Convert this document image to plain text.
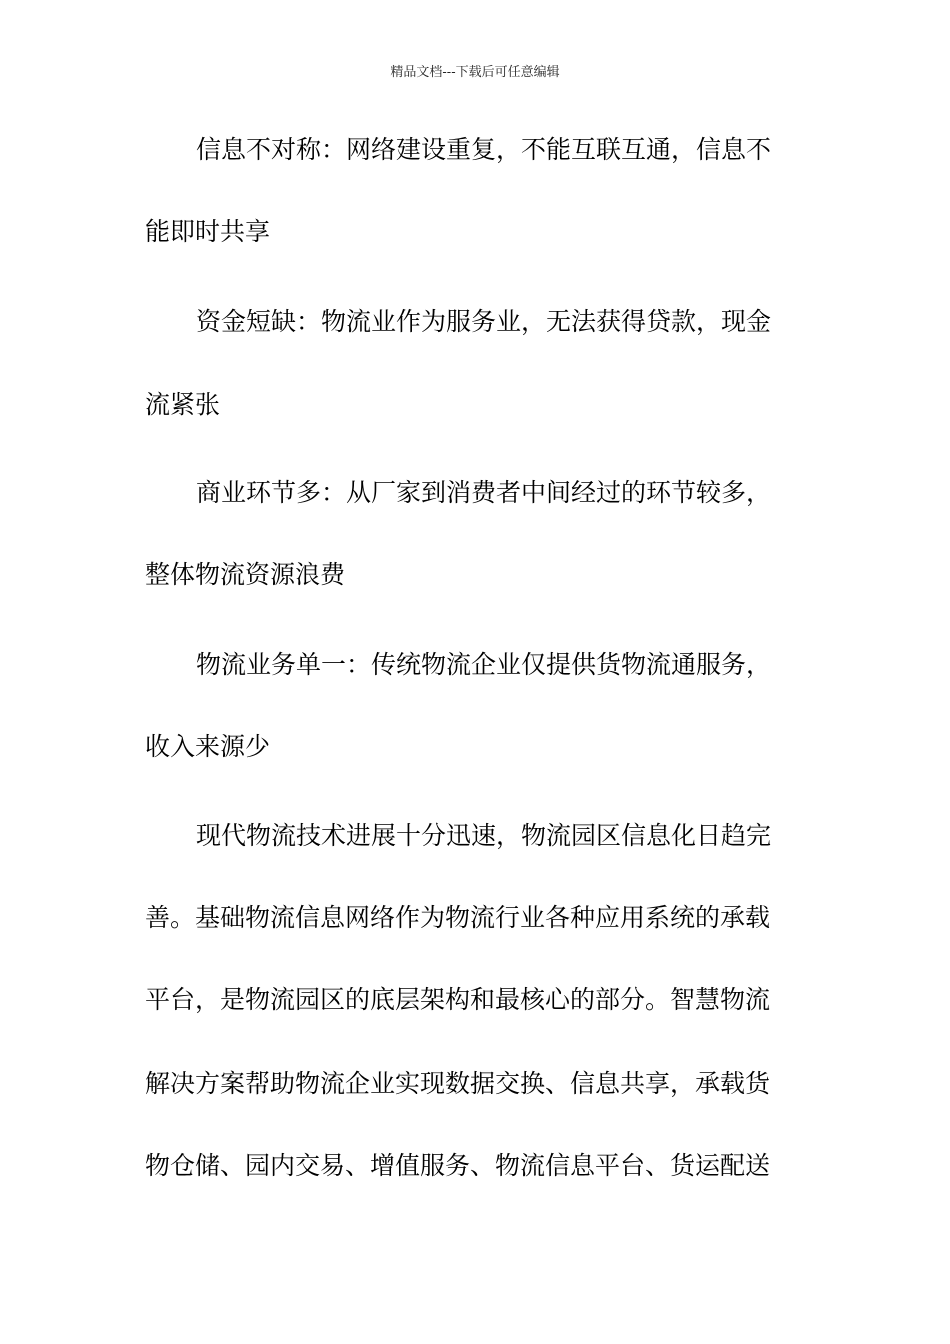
精品文档---下载后可任意编辑
信息不对称：网络建设重复，不能互联互通，信息不
能即时共享
资金短缺：物流业作为服务业，无法获得贷款，现金
流紧张
商业环节多：从厂家到消费者中间经过的环节较多，
整体物流资源浪费
物流业务单一：传统物流企业仅提供货物流通服务，
收入来源少
现代物流技术进展十分迅速，物流园区信息化日趋完
善。基础物流信息网络作为物流行业各种应用系统的承载
平台，是物流园区的底层架构和最核心的部分。智慧物流
解决方案帮助物流企业实现数据交换、信息共享，承载货
物仓储、园内交易、增值服务、物流信息平台、货运配送
